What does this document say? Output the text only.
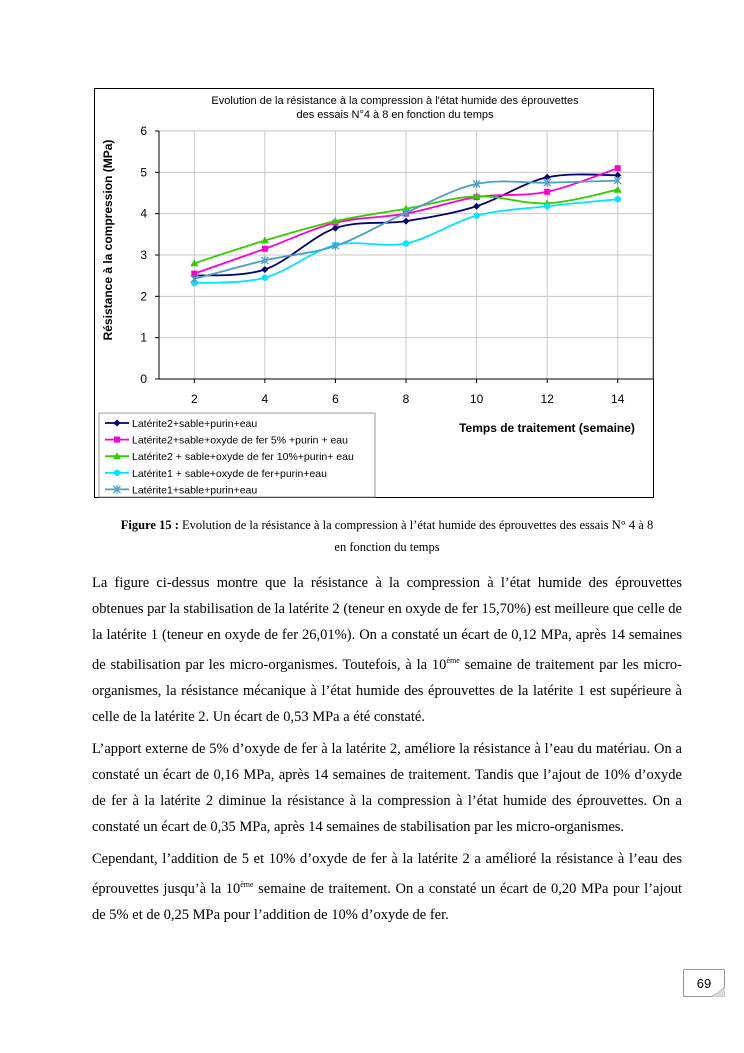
Evolution de la résistance à la compression à l'état humide des éprouvettes
des essais N°4 à 8 en fonction du temps
0
1
2
3
4
5
6
2	4	6	8	10	12	14
Résistance à la compression (MPa)
Temps de traitement (semaine)
Latérite2+sable+purin+eau
Latérite2+sable+oxyde de fer 5% +purin + eau
Latérite2 + sable+oxyde de fer 10%+purin+ eau
Latérite1 + sable+oxyde de fer+purin+eau
Latérite1+sable+purin+eau
Figure 15 : Evolution de la résistance à la compression à l’état humide des éprouvettes des essais N° 4 à 8
en fonction du temps

La figure ci-dessus montre que la résistance à la compression à l’état humide des éprouvettes obtenues par la stabilisation de la latérite 2 (teneur en oxyde de fer 15,70%) est meilleure que celle de la latérite 1 (teneur en oxyde de fer 26,01%). On a constaté un écart de 0,12 MPa, après 14 semaines de stabilisation par les micro-organismes. Toutefois, à la 10ème semaine de traitement par les micro-organismes, la résistance mécanique à l’état humide des éprouvettes de la latérite 1 est supérieure à celle de la latérite 2. Un écart de 0,53 MPa a été constaté.

L’apport externe de 5% d’oxyde de fer à la latérite 2, améliore la résistance à l’eau du matériau. On a constaté un écart de 0,16 MPa, après 14 semaines de traitement. Tandis que l’ajout de 10% d’oxyde de fer à la latérite 2 diminue la résistance à la compression à l’état humide des éprouvettes. On a constaté un écart de 0,35 MPa, après 14 semaines de stabilisation par les micro-organismes.

Cependant, l’addition de 5 et 10% d’oxyde de fer à la latérite 2 a amélioré la résistance à l’eau des éprouvettes jusqu’à la 10ème semaine de traitement. On a constaté un écart de 0,20 MPa pour l’ajout de 5% et de 0,25 MPa pour l’addition de 10% d’oxyde de fer.

69
